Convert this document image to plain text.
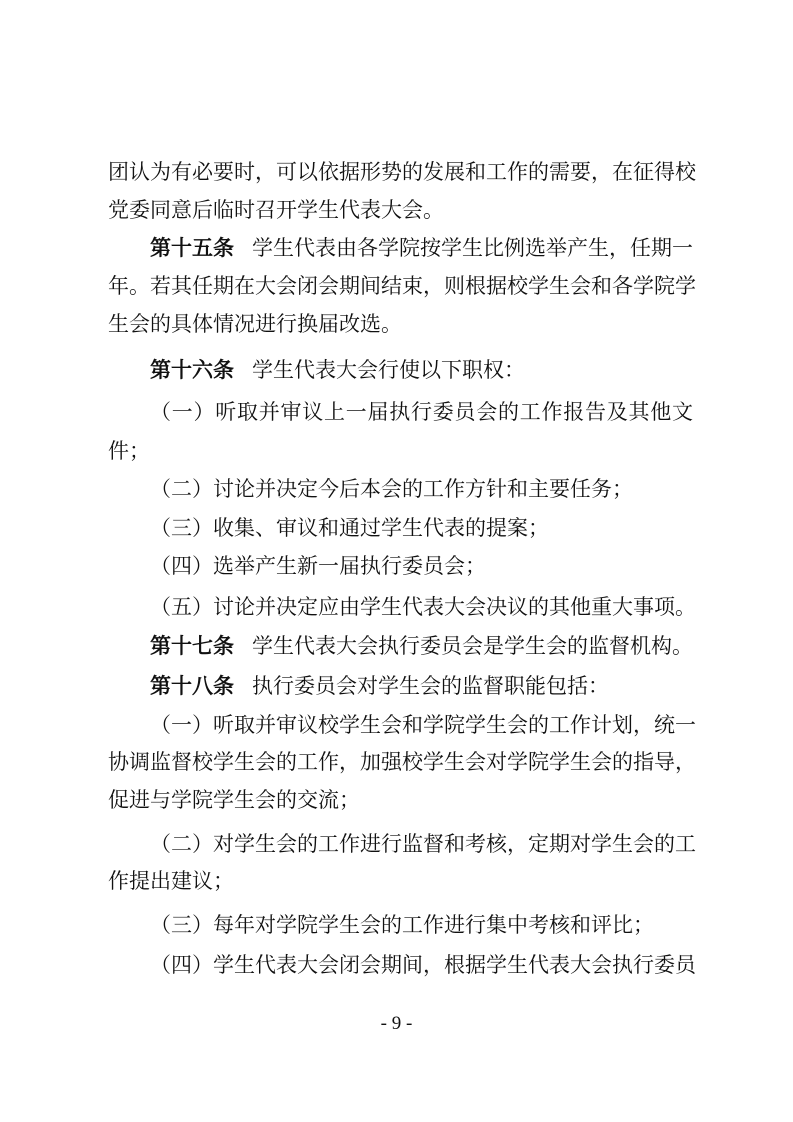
团认为有必要时，可以依据形势的发展和工作的需要，在征得校
党委同意后临时召开学生代表大会。
第十五条 学生代表由各学院按学生比例选举产生，任期一
年。若其任期在大会闭会期间结束，则根据校学生会和各学院学
生会的具体情况进行换届改选。
第十六条 学生代表大会行使以下职权：
（一）听取并审议上一届执行委员会的工作报告及其他文
件；
（二）讨论并决定今后本会的工作方针和主要任务；
（三）收集、审议和通过学生代表的提案；
（四）选举产生新一届执行委员会；
（五）讨论并决定应由学生代表大会决议的其他重大事项。
第十七条 学生代表大会执行委员会是学生会的监督机构。
第十八条 执行委员会对学生会的监督职能包括：
（一）听取并审议校学生会和学院学生会的工作计划，统一
协调监督校学生会的工作，加强校学生会对学院学生会的指导，
促进与学院学生会的交流；
（二）对学生会的工作进行监督和考核，定期对学生会的工
作提出建议；
（三）每年对学院学生会的工作进行集中考核和评比；
（四）学生代表大会闭会期间，根据学生代表大会执行委员
- 9 -
